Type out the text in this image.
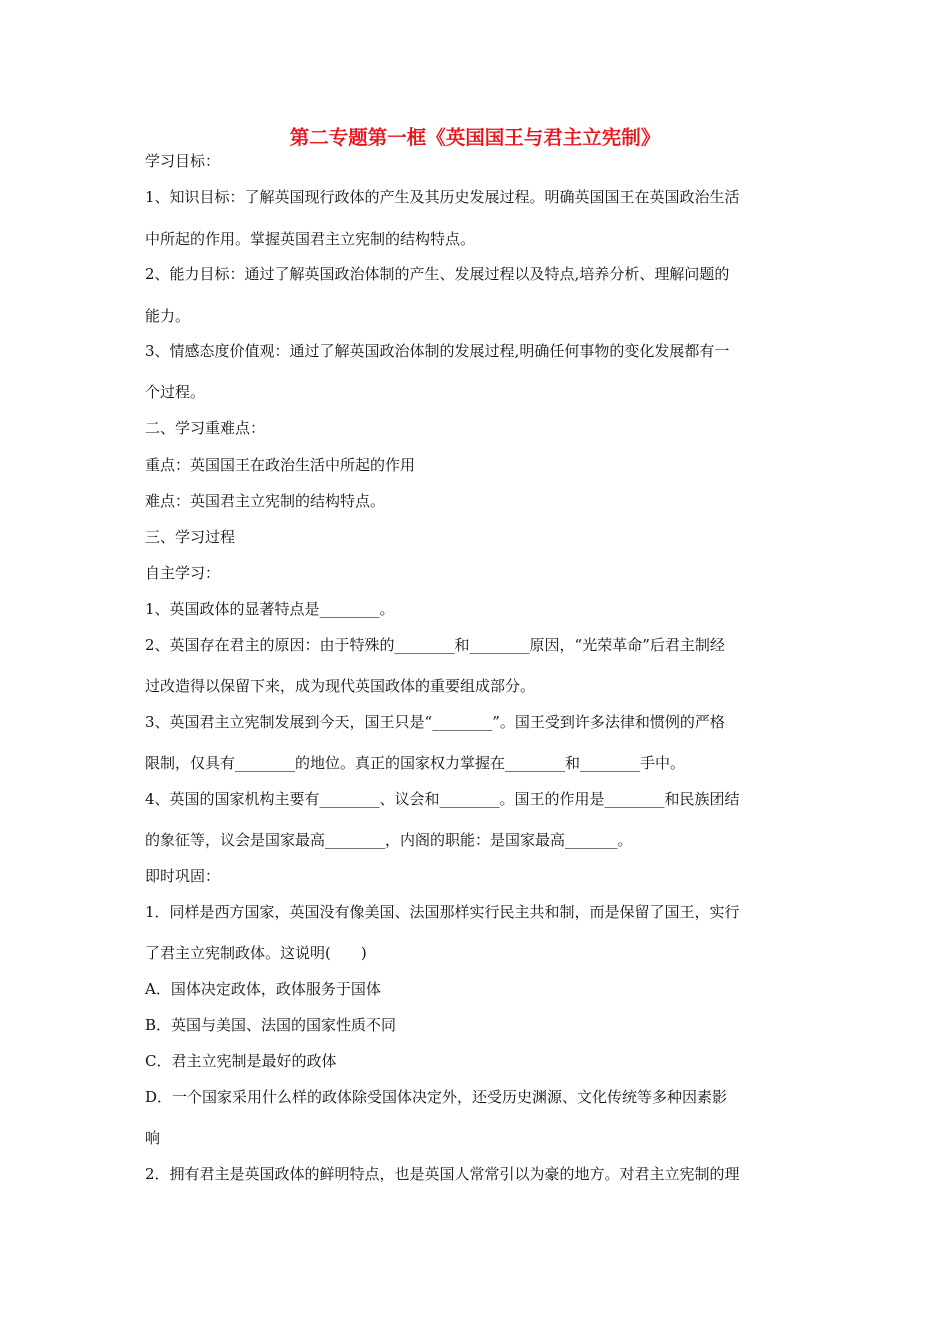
第二专题第一框《英国国王与君主立宪制》
学习目标：
1、知识目标：了解英国现行政体的产生及其历史发展过程。明确英国国王在英国政治生活
中所起的作用。掌握英国君主立宪制的结构特点。
2、能力目标：通过了解英国政治体制的产生、发展过程以及特点,培养分析、理解问题的
能力。
3、情感态度价值观：通过了解英国政治体制的发展过程,明确任何事物的变化发展都有一
个过程。
二、学习重难点：
重点：英国国王在政治生活中所起的作用
难点：英国君主立宪制的结构特点。
三、学习过程
自主学习：
1、英国政体的显著特点是________。
2、英国存在君主的原因：由于特殊的________和________原因，“光荣革命”后君主制经
过改造得以保留下来，成为现代英国政体的重要组成部分。
3、英国君主立宪制发展到今天，国王只是“________”。国王受到许多法律和惯例的严格
限制，仅具有________的地位。真正的国家权力掌握在________和________手中。
4、英国的国家机构主要有________、议会和________。国王的作用是________和民族团结
的象征等，议会是国家最高________，内阁的职能：是国家最高_______。
即时巩固：
1．同样是西方国家，英国没有像美国、法国那样实行民主共和制，而是保留了国王，实行
了君主立宪制政体。这说明(　　)
A．国体决定政体，政体服务于国体
B．英国与美国、法国的国家性质不同
C．君主立宪制是最好的政体
D．一个国家采用什么样的政体除受国体决定外，还受历史渊源、文化传统等多种因素影
响
2．拥有君主是英国政体的鲜明特点，也是英国人常常引以为豪的地方。对君主立宪制的理
